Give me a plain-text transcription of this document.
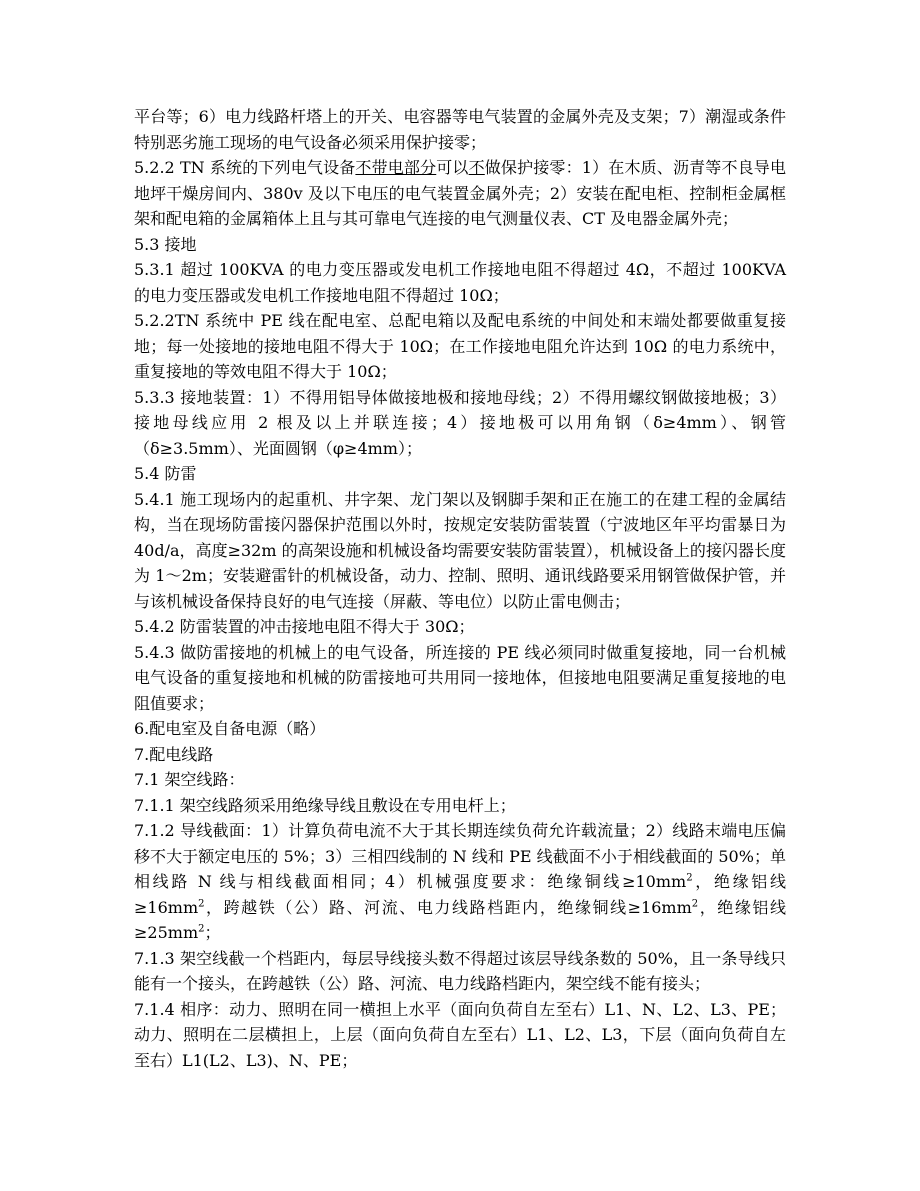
平台等；6）电力线路杆塔上的开关、电容器等电气装置的金属外壳及支架；7）潮湿或条件特别恶劣施工现场的电气设备必须采用保护接零；

5.2.2 TN 系统的下列电气设备不带电部分可以不做保护接零：1）在木质、沥青等不良导电地坪干燥房间内、380v 及以下电压的电气装置金属外壳；2）安装在配电柜、控制柜金属框架和配电箱的金属箱体上且与其可靠电气连接的电气测量仪表、CT 及电器金属外壳；

5.3 接地

5.3.1 超过 100KVA 的电力变压器或发电机工作接地电阻不得超过 4Ω，不超过 100KVA 的电力变压器或发电机工作接地电阻不得超过 10Ω；

5.2.2TN 系统中 PE 线在配电室、总配电箱以及配电系统的中间处和末端处都要做重复接地；每一处接地的接地电阻不得大于 10Ω；在工作接地电阻允许达到 10Ω 的电力系统中，重复接地的等效电阻不得大于 10Ω；

5.3.3 接地装置：1）不得用铝导体做接地极和接地母线；2）不得用螺纹钢做接地极；3）接地母线应用 2 根及以上并联连接；4）接地极可以用角钢（δ≥4mm）、钢管（δ≥3.5mm）、光面圆钢（φ≥4mm）；

5.4 防雷

5.4.1 施工现场内的起重机、井字架、龙门架以及钢脚手架和正在施工的在建工程的金属结构，当在现场防雷接闪器保护范围以外时，按规定安装防雷装置（宁波地区年平均雷暴日为 40d/a，高度≥32m 的高架设施和机械设备均需要安装防雷装置），机械设备上的接闪器长度为 1～2m；安装避雷针的机械设备，动力、控制、照明、通讯线路要采用钢管做保护管，并与该机械设备保持良好的电气连接（屏蔽、等电位）以防止雷电侧击；

5.4.2 防雷装置的冲击接地电阻不得大于 30Ω；

5.4.3 做防雷接地的机械上的电气设备，所连接的 PE 线必须同时做重复接地，同一台机械电气设备的重复接地和机械的防雷接地可共用同一接地体，但接地电阻要满足重复接地的电阻值要求；

6.配电室及自备电源（略）

7.配电线路

7.1 架空线路：

7.1.1 架空线路须采用绝缘导线且敷设在专用电杆上；

7.1.2 导线截面：1）计算负荷电流不大于其长期连续负荷允许载流量；2）线路末端电压偏移不大于额定电压的 5%；3）三相四线制的 N 线和 PE 线截面不小于相线截面的 50%；单相线路 N 线与相线截面相同；4）机械强度要求：绝缘铜线$\ge 10mm^2$，绝缘铝线$\ge 16mm^2$，跨越铁（公）路、河流、电力线路档距内，绝缘铜线$\ge 16mm^2$，绝缘铝线$\ge 25mm^2$；

7.1.3 架空线截一个档距内，每层导线接头数不得超过该层导线条数的 50%，且一条导线只能有一个接头，在跨越铁（公）路、河流、电力线路档距内，架空线不能有接头；

7.1.4 相序：动力、照明在同一横担上水平（面向负荷自左至右）L1、N、L2、L3、PE；动力、照明在二层横担上，上层（面向负荷自左至右）L1、L2、L3，下层（面向负荷自左至右）L1(L2、L3)、N、PE；
